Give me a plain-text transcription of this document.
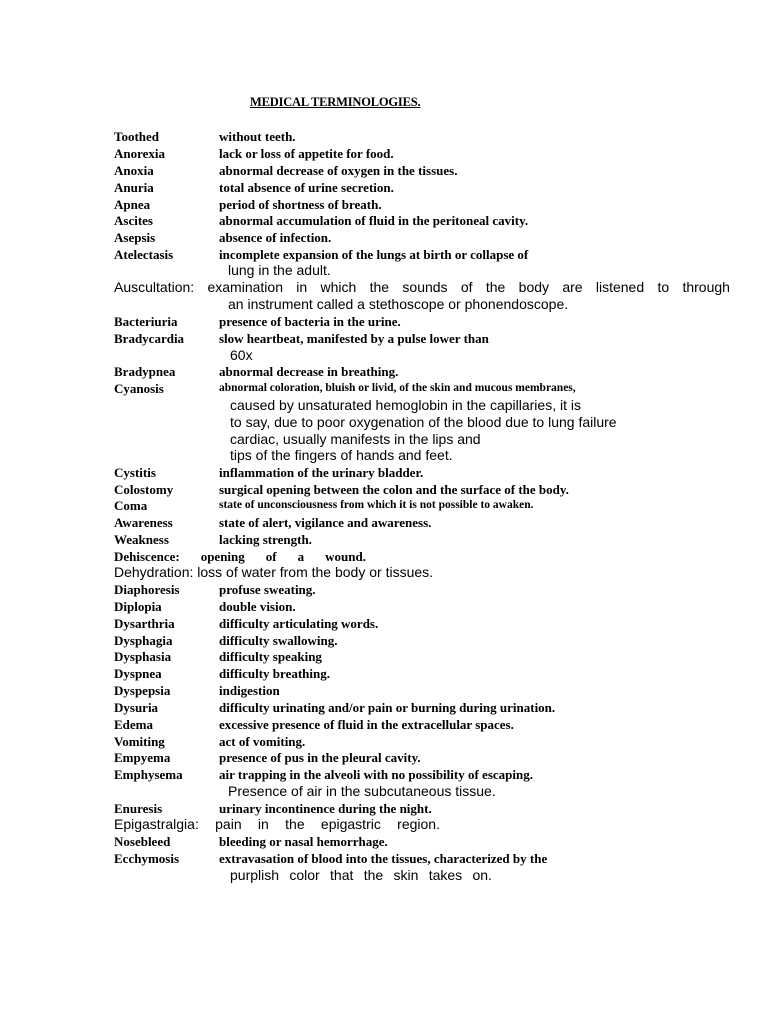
MEDICAL TERMINOLOGIES.
Toothed	without teeth.
Anorexia	lack or loss of appetite for food.
Anoxia	abnormal decrease of oxygen in the tissues.
Anuria	total absence of urine secretion.
Apnea	period of shortness of breath.
Ascites	abnormal accumulation of fluid in the peritoneal cavity.
Asepsis	absence of infection.
Atelectasis	incomplete expansion of the lungs at birth or collapse of
lung in the adult.
Auscultation: examination in which the sounds of the body are listened to through
an instrument called a stethoscope or phonendoscope.
Bacteriuria	presence of bacteria in the urine.
Bradycardia	slow heartbeat, manifested by a pulse lower than
60x
Bradypnea	abnormal decrease in breathing.
Cyanosis	abnormal coloration, bluish or livid, of the skin and mucous membranes,
caused by unsaturated hemoglobin in the capillaries, it is
to say, due to poor oxygenation of the blood due to lung failure
cardiac, usually manifests in the lips and
tips of the fingers of hands and feet.
Cystitis	inflammation of the urinary bladder.
Colostomy	surgical opening between the colon and the surface of the body.
Coma	state of unconsciousness from which it is not possible to awaken.
Awareness	state of alert, vigilance and awareness.
Weakness	lacking strength.
Dehiscence: opening of a wound.
Dehydration: loss of water from the body or tissues.
Diaphoresis	profuse sweating.
Diplopia	double vision.
Dysarthria	difficulty articulating words.
Dysphagia	difficulty swallowing.
Dysphasia	difficulty speaking
Dyspnea	difficulty breathing.
Dyspepsia	indigestion
Dysuria	difficulty urinating and/or pain or burning during urination.
Edema	excessive presence of fluid in the extracellular spaces.
Vomiting	act of vomiting.
Empyema	presence of pus in the pleural cavity.
Emphysema	air trapping in the alveoli with no possibility of escaping.
Presence of air in the subcutaneous tissue.
Enuresis	urinary incontinence during the night.
Epigastralgia: pain in the epigastric region.
Nosebleed	bleeding or nasal hemorrhage.
Ecchymosis	extravasation of blood into the tissues, characterized by the
purplish color that the skin takes on.
